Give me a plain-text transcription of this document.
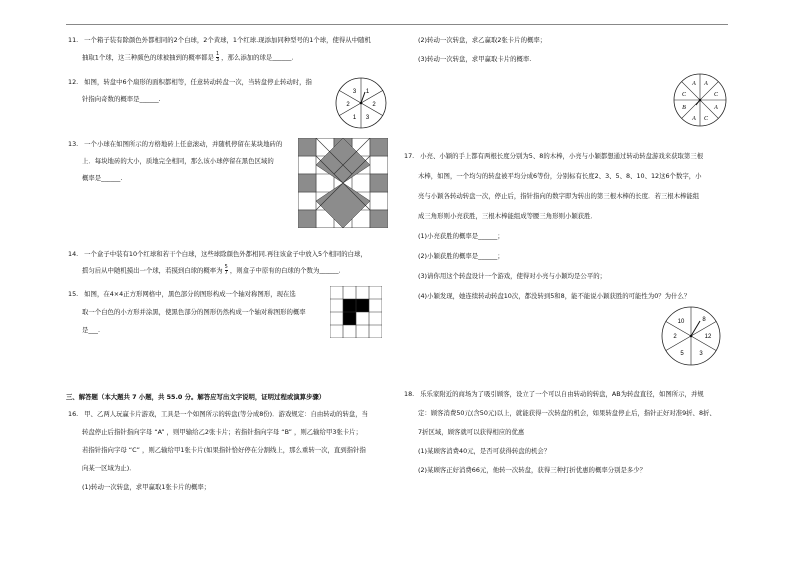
11. 一个箱子装有除颜色外都相同的2个白球，2个黄球，1个红球.现添加同种型号的1个球，使得从中随机
抽取1个球，这三种颜色的球被抽到的概率都是 $\frac{1}{3}$ ，那么添加的球是______.
12. 如图，转盘中6个扇形的面积都相等，任意转动转盘一次，当转盘停止转动时，指
针指向奇数的概率是______.
1
2
3
1
2
3
13. 一个小球在如图所示的方格地砖上任意滚动，并随机停留在某块地砖的
上．每块地砖的大小，质地完全相同，那么该小球停留在黑色区域的
概率是______.
14. 一个盒子中装有10个红球和若干个白球，这些球除颜色外都相同.再往该盒子中放入5个相同的白球，
摇匀后从中随机摸出一个球，若摸到白球的概率为 $\frac{5}{7}$ ，则盒子中原有的白球的个数为______.
15. 如图，在4×4正方形网格中，黑色部分的图形构成一个轴对称图形，现在选
取一个白色的小方形并涂黑，使黑色部分的图形仍然构成一个轴对称图形的概率
是___.
三、解答题（本大题共 7 小题，共 55.0 分。解答应写出文字说明，证明过程或演算步骤）
16. 甲、乙两人玩赢卡片游戏，工具是一个如图所示的转盘(等分成8份)．游戏规定：自由转动的转盘，当
转盘停止后指针指向字母 “A” ，则甲输给乙2张卡片；若指针指向字母 “B” ，则乙输给甲3张卡片；
若指针指向字母 “C” ，则乙输给甲1张卡片(如果指针恰好停在分割线上，那么重转一次，直到指针指
向某一区域为止)．
(1)转动一次转盘，求甲赢取1张卡片的概率；
(2)转动一次转盘，求乙赢取2张卡片的概率；
(3)转动一次转盘，求甲赢取卡片的概率.
A
C
A
C
A
B
C
A
17. 小亮、小颖的手上都有两根长度分别为5、8的木棒，小亮与小颖都想通过转动转盘游戏来获取第三根
木棒，如图，一个均匀的转盘被平均分成6等份，分别标有长度2、3、5、8、10、12这6个数字，小
亮与小颖各转动转盘一次，停止后，指针指向的数字即为转出的第三根木棒的长度．若三根木棒能组
成三角形则小亮获胜，三根木棒能组成等腰三角形则小颖获胜．
(1)小亮获胜的概率是______；
(2)小颖获胜的概率是______；
(3)请你用这个转盘设计一个游戏，使得对小亮与小颖均是公平的；
(4)小颖发现，她连续转动转盘10次，都没转到5和8，能不能说小颖获胜的可能性为0？为什么？
10	8
2	12
3
5
18. 乐乐家附近的商场为了吸引顾客，设立了一个可以自由转动的转盘，AB为转盘直径，如图所示，并规
定：顾客消费50元(含50元)以上，就能获得一次转盘的机会，如果转盘停止后，指针正好对准9折、8折、
7折区域，顾客就可以获得相应的优惠
(1)某顾客消费40元，是否可获得转盘的机会？
(2)某顾客正好消费66元，他转一次转盘，获得三种打折优惠的概率分别是多少？
